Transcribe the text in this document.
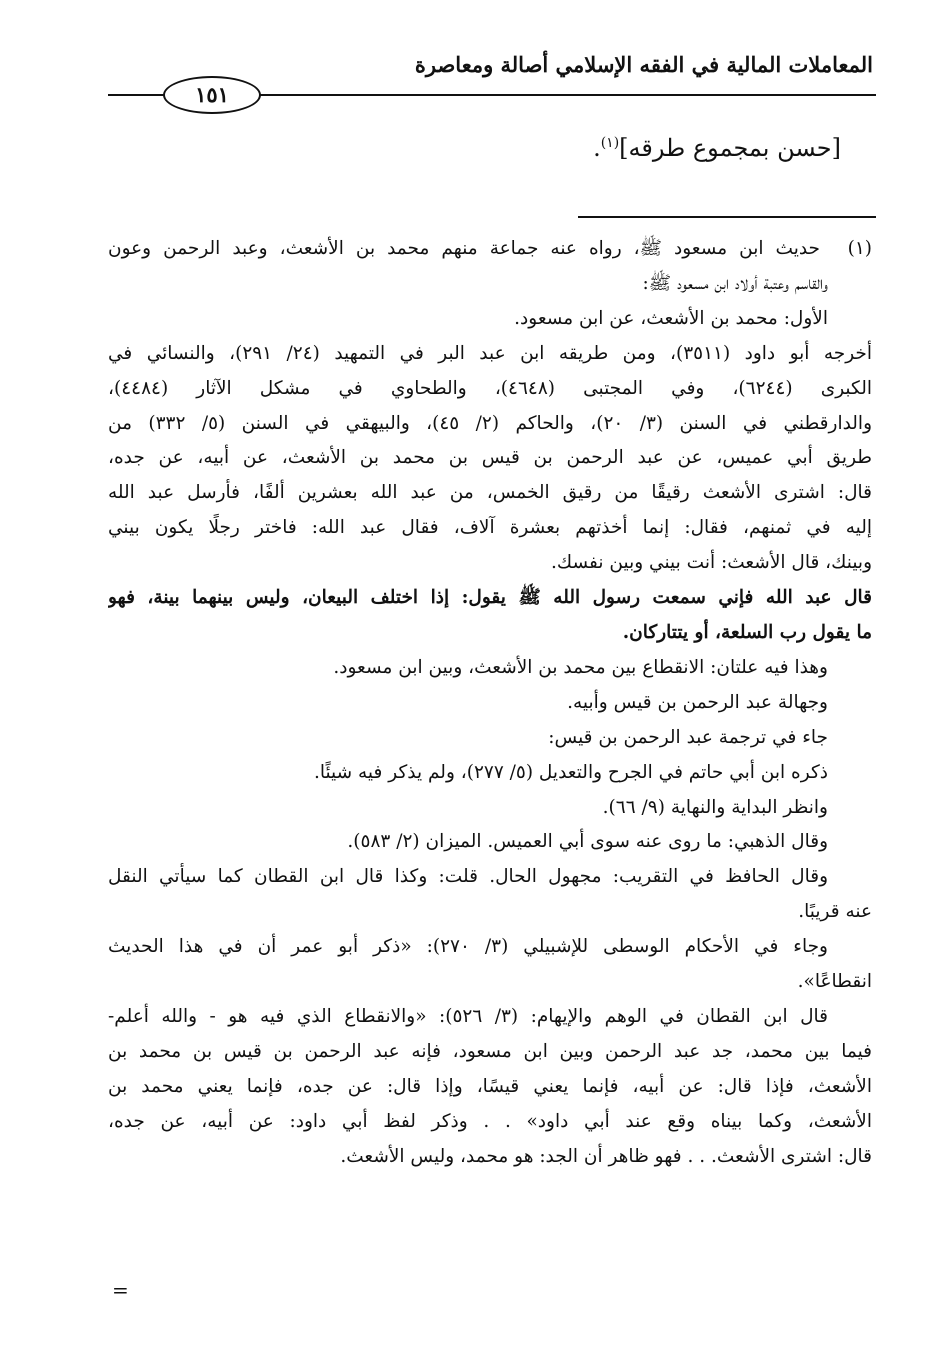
المعاملات المالية في الفقه الإسلامي أصالة ومعاصرة
١٥١
[حسن بمجموع طرقه]$^{(١)}$.

(١)
حديث ابن مسعود ﷺ، رواه عنه جماعة منهم محمد بن الأشعث، وعبد الرحمن وعون

والقاسم وعتبة أولاد ابن مسعود ﷺ:

الأول: محمد بن الأشعث، عن ابن مسعود.

أخرجه أبو داود (٣٥١١)، ومن طريقه ابن عبد البر في التمهيد (٢٤/ ٢٩١)، والنسائي في

الكبرى (٦٢٤٤)، وفي المجتبى (٤٦٤٨)، والطحاوي في مشكل الآثار (٤٤٨٤)،

والدارقطني في السنن (٣/ ٢٠)، والحاكم (٢/ ٤٥)، والبيهقي في السنن (٥/ ٣٣٢) من

طريق أبي عميس، عن عبد الرحمن بن قيس بن محمد بن الأشعث، عن أبيه، عن جده،

قال: اشترى الأشعث رقيقًا من رقيق الخمس، من عبد الله بعشرين ألفًا، فأرسل عبد الله

إليه في ثمنهم، فقال: إنما أخذتهم بعشرة آلاف، فقال عبد الله: فاختر رجلًا يكون بيني

وبينك، قال الأشعث: أنت بيني وبين نفسك.

قال عبد الله فإني سمعت رسول الله ﷺ يقول: إذا اختلف البيعان، وليس بينهما بينة، فهو

ما يقول رب السلعة، أو يتتاركان.

وهذا فيه علتان: الانقطاع بين محمد بن الأشعث، وبين ابن مسعود.

وجهالة عبد الرحمن بن قيس وأبيه.

جاء في ترجمة عبد الرحمن بن قيس:

ذكره ابن أبي حاتم في الجرح والتعديل (٥/ ٢٧٧)، ولم يذكر فيه شيئًا.

وانظر البداية والنهاية (٩/ ٦٦).

وقال الذهبي: ما روى عنه سوى أبي العميس. الميزان (٢/ ٥٨٣).

وقال الحافظ في التقريب: مجهول الحال. قلت: وكذا قال ابن القطان كما سيأتي النقل

عنه قريبًا.

وجاء في الأحكام الوسطى للإشبيلي (٣/ ٢٧٠): «ذكر أبو عمر أن في هذا الحديث

انقطاعًا».

قال ابن القطان في الوهم والإيهام: (٣/ ٥٢٦): «والانقطاع الذي فيه هو - والله أعلم-

فيما بين محمد، جد عبد الرحمن وبين ابن مسعود، فإنه عبد الرحمن بن قيس بن محمد بن

الأشعث، فإذا قال: عن أبيه، فإنما يعني قيسًا، وإذا قال: عن جده، فإنما يعني محمد بن

الأشعث، وكما بيناه وقع عند أبي داود» . . وذكر لفظ أبي داود: عن أبيه، عن جده،

قال: اشترى الأشعث. . . فهو ظاهر أن الجد: هو محمد، وليس الأشعث.

=
